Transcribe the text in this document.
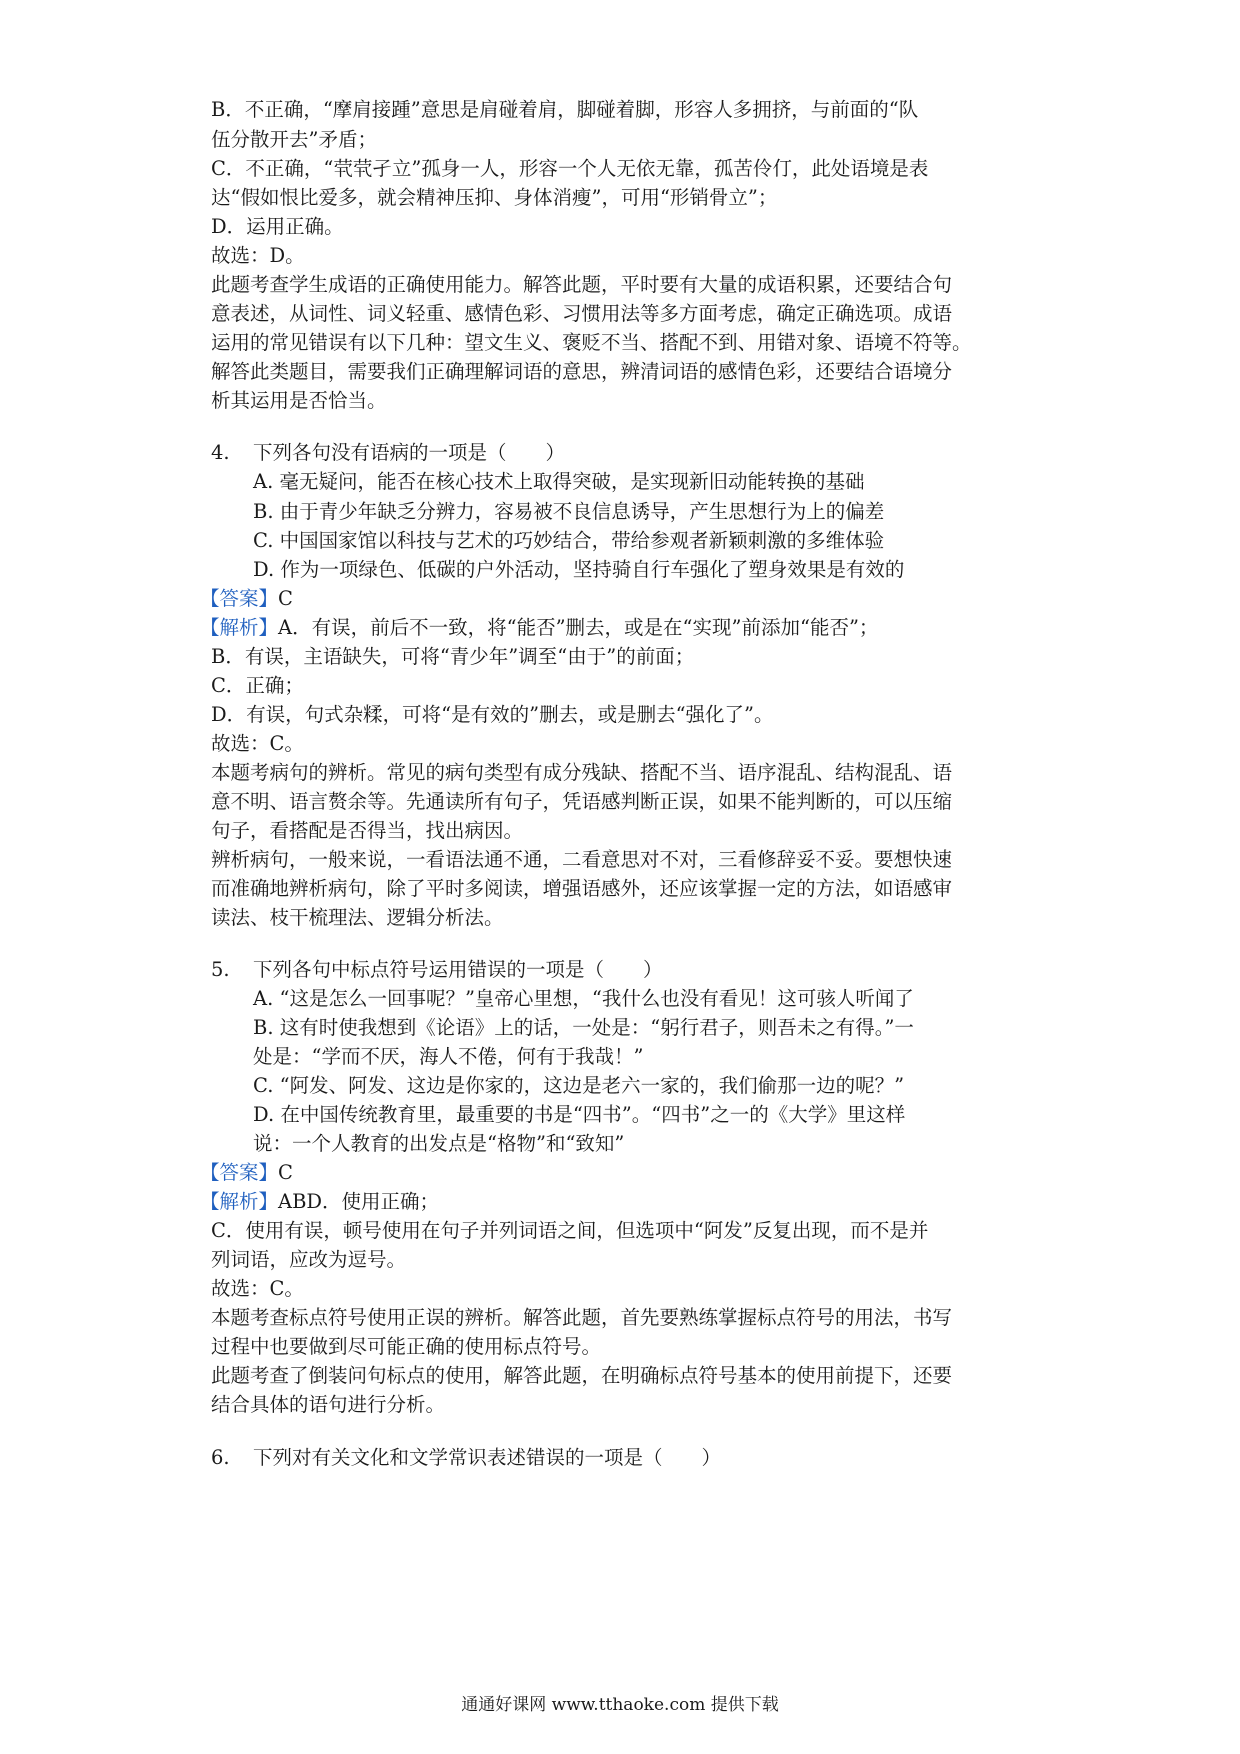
B．不正确，“摩肩接踵”意思是肩碰着肩，脚碰着脚，形容人多拥挤，与前面的“队
伍分散开去”矛盾；
C．不正确，“茕茕孑立”孤身一人，形容一个人无依无靠，孤苦伶仃，此处语境是表
达“假如恨比爱多，就会精神压抑、身体消瘦”，可用“形销骨立”；
D．运用正确。
故选：D。
此题考查学生成语的正确使用能力。解答此题，平时要有大量的成语积累，还要结合句
意表述，从词性、词义轻重、感情色彩、习惯用法等多方面考虑，确定正确选项。成语
运用的常见错误有以下几种：望文生义、褒贬不当、搭配不到、用错对象、语境不符等。
解答此类题目，需要我们正确理解词语的意思，辨清词语的感情色彩，还要结合语境分
析其运用是否恰当。
4. 下列各句没有语病的一项是（　　）
A. 毫无疑问，能否在核心技术上取得突破，是实现新旧动能转换的基础
B. 由于青少年缺乏分辨力，容易被不良信息诱导，产生思想行为上的偏差
C. 中国国家馆以科技与艺术的巧妙结合，带给参观者新颖刺激的多维体验
D. 作为一项绿色、低碳的户外活动，坚持骑自行车强化了塑身效果是有效的
【答案】C
【解析】A．有误，前后不一致，将“能否”删去，或是在“实现”前添加“能否”；
B．有误，主语缺失，可将“青少年”调至“由于”的前面；
C．正确；
D．有误，句式杂糅，可将“是有效的”删去，或是删去“强化了”。
故选：C。
本题考病句的辨析。常见的病句类型有成分残缺、搭配不当、语序混乱、结构混乱、语
意不明、语言赘余等。先通读所有句子，凭语感判断正误，如果不能判断的，可以压缩
句子，看搭配是否得当，找出病因。
辨析病句，一般来说，一看语法通不通，二看意思对不对，三看修辞妥不妥。要想快速
而准确地辨析病句，除了平时多阅读，增强语感外，还应该掌握一定的方法，如语感审
读法、枝干梳理法、逻辑分析法。
5. 下列各句中标点符号运用错误的一项是（　　）
A. “这是怎么一回事呢？”皇帝心里想，“我什么也没有看见！这可骇人听闻了
B. 这有时使我想到《论语》上的话，一处是：“躬行君子，则吾未之有得。”一
处是：“学而不厌，海人不倦，何有于我哉！”
C. “阿发、阿发、这边是你家的，这边是老六一家的，我们偷那一边的呢？”
D. 在中国传统教育里，最重要的书是“四书”。“四书”之一的《大学》里这样
说：一个人教育的出发点是“格物”和“致知”
【答案】C
【解析】ABD．使用正确；
C．使用有误，顿号使用在句子并列词语之间，但选项中“阿发”反复出现，而不是并
列词语，应改为逗号。
故选：C。
本题考查标点符号使用正误的辨析。解答此题，首先要熟练掌握标点符号的用法，书写
过程中也要做到尽可能正确的使用标点符号。
此题考查了倒装问句标点的使用，解答此题，在明确标点符号基本的使用前提下，还要
结合具体的语句进行分析。
6. 下列对有关文化和文学常识表述错误的一项是（　　）
通通好课网 www.tthaoke.com 提供下载
